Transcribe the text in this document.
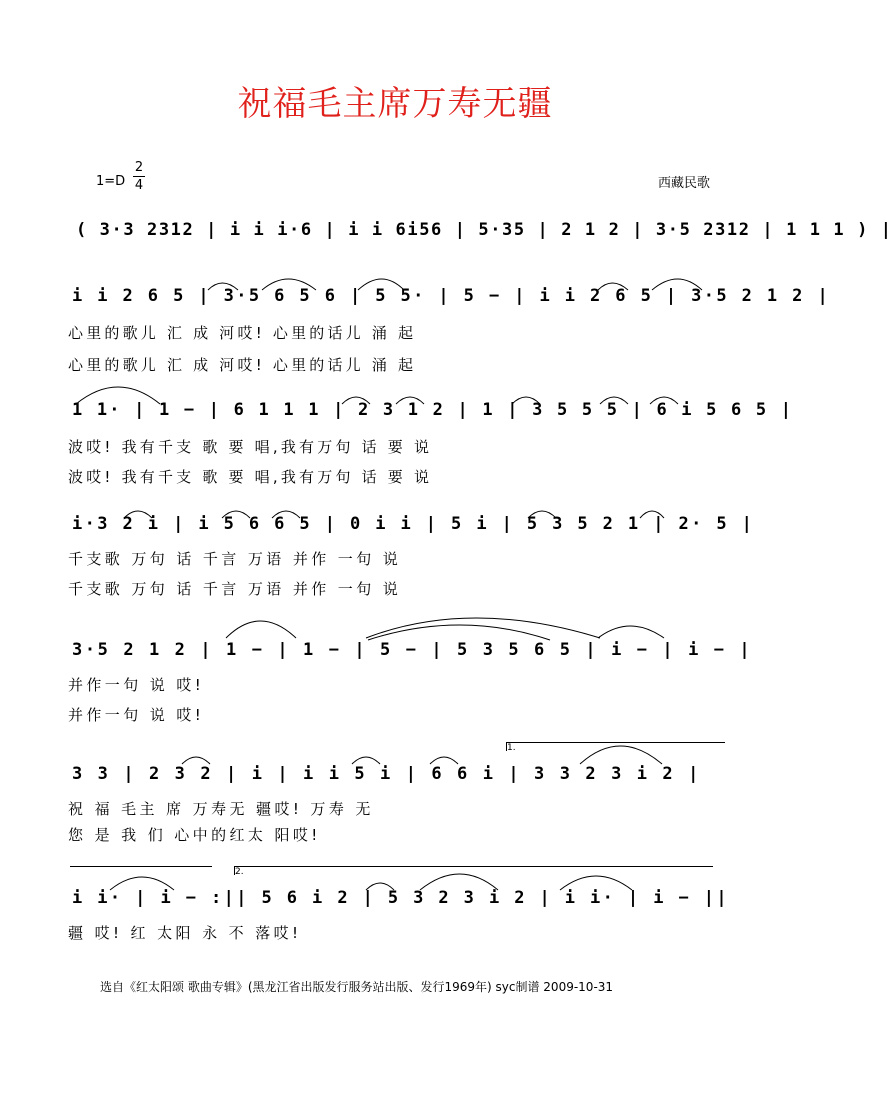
祝福毛主席万寿无疆
1=D
2
4	西藏民歌
( 3·3 2312 | i i i·6 | i i 6i56 | 5·35 | 2 1 2 | 3·5 2312 | 1 1 1 ) |
i i 2 6 5 | 3·5 6 5 6 | 5 5· | 5 − | i i 2 6 5 | 3·5 2 1 2 |
心里的歌儿 汇 成 河哎! 心里的话儿 涌 起
心里的歌儿 汇 成 河哎! 心里的话儿 涌 起
1 1· | 1 − | 6 1 1 1 | 2 3 1 2 | 1 | 3 5 5 5 | 6 i 5 6 5 |
波哎! 我有千支 歌 要 唱,我有万句 话 要 说
波哎! 我有千支 歌 要 唱,我有万句 话 要 说
i·3 2 i | i 5 6 6 5 | 0 i i | 5 i | 5 3 5 2 1 | 2· 5 |
千支歌 万句 话 千言 万语 并作 一句 说
千支歌 万句 话 千言 万语 并作 一句 说
3·5 2 1 2 | 1 − | 1 − | 5 − | 5 3 5 6 5 | i − | i − |
并作一句 说 哎!
并作一句 说 哎!
1.
3 3 | 2 3 2 | i | i i 5 i | 6 6 i | 3 3 2 3 i 2 |
祝 福 毛主 席 万寿无 疆哎! 万寿 无
您 是 我 们 心中的红太 阳哎!
2.
i i· | i − :|| 5 6 i 2 | 5 3 2 3 i 2 | i i· | i − ||
疆 哎! 红 太阳 永 不 落哎!
选自《红太阳颂 歌曲专辑》(黑龙江省出版发行服务站出版、发行1969年) syc制谱 2009-10-31
